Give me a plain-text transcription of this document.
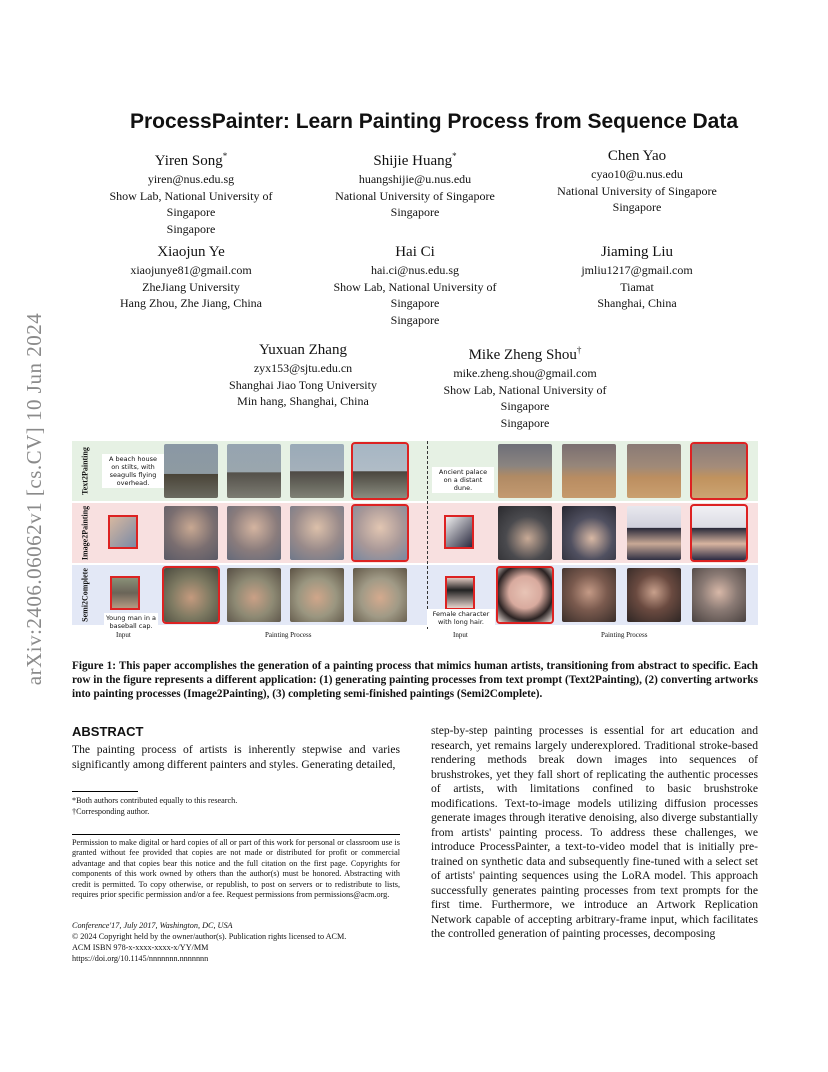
arXiv:2406.06062v1 [cs.CV] 10 Jun 2024
ProcessPainter: Learn Painting Process from Sequence Data
Yiren Song*
yiren@nus.edu.sg
Show Lab, National University of
Singapore
Singapore
Shijie Huang*
huangshijie@u.nus.edu
National University of Singapore
Singapore
Chen Yao
cyao10@u.nus.edu
National University of Singapore
Singapore
Xiaojun Ye
xiaojunye81@gmail.com
ZheJiang University
Hang Zhou, Zhe Jiang, China
Hai Ci
hai.ci@nus.edu.sg
Show Lab, National University of
Singapore
Singapore
Jiaming Liu
jmliu1217@gmail.com
Tiamat
Shanghai, China
Yuxuan Zhang
zyx153@sjtu.edu.cn
Shanghai Jiao Tong University
Min hang, Shanghai, China
Mike Zheng Shou†
mike.zheng.shou@gmail.com
Show Lab, National University of
Singapore
Singapore
Text2Painting
Image2Painting
Semi2Complete
A beach house on stilts, with seagulls flying overhead.
Ancient palace on a distant dune.
Young man in a baseball cap.
Female character with long hair.
Input	Painting Process	Input	Painting Process
Figure 1: This paper accomplishes the generation of a painting process that mimics human artists, transitioning from abstract to specific. Each row in the figure represents a different application: (1) generating painting processes from text prompt (Text2Painting), (2) converting artworks into painting processes (Image2Painting), (3) completing semi-finished paintings (Semi2Complete).
ABSTRACT
The painting process of artists is inherently stepwise and varies significantly among different painters and styles. Generating detailed,
step-by-step painting processes is essential for art education and research, yet remains largely underexplored. Traditional stroke-based rendering methods break down images into sequences of brushstrokes, yet they fall short of replicating the authentic processes of artists, with limitations confined to basic brushstroke modifications. Text-to-image models utilizing diffusion processes generate images through iterative denoising, also diverge substantially from artists' painting process. To address these challenges, we introduce ProcessPainter, a text-to-video model that is initially pre-trained on synthetic data and subsequently fine-tuned with a select set of artists' painting sequences using the LoRA model. This approach successfully generates painting processes from text prompts for the first time. Furthermore, we introduce an Artwork Replication Network capable of accepting arbitrary-frame input, which facilitates the controlled generation of painting processes, decomposing
*Both authors contributed equally to this research.
†Corresponding author.
Permission to make digital or hard copies of all or part of this work for personal or classroom use is granted without fee provided that copies are not made or distributed for profit or commercial advantage and that copies bear this notice and the full citation on the first page. Copyrights for components of this work owned by others than the author(s) must be honored. Abstracting with credit is permitted. To copy otherwise, or republish, to post on servers or to redistribute to lists, requires prior specific permission and/or a fee. Request permissions from permissions@acm.org.
Conference'17, July 2017, Washington, DC, USA
© 2024 Copyright held by the owner/author(s). Publication rights licensed to ACM.
ACM ISBN 978-x-xxxx-xxxx-x/YY/MM
https://doi.org/10.1145/nnnnnnn.nnnnnnn
